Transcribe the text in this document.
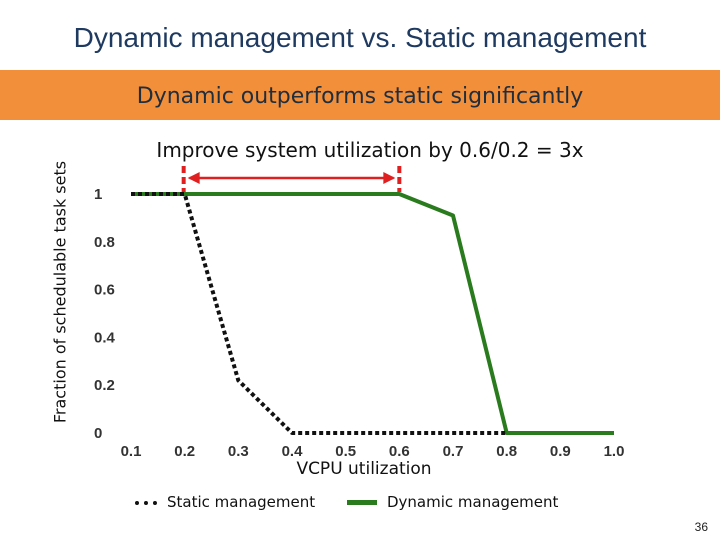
Dynamic management vs. Static management
Dynamic outperforms static significantly
Improve system utilization by 0.6/0.2 = 3x
Fraction of schedulable task sets
VCPU utilization
0
0.2
0.4
0.6
0.8
1
0.1 0.2 0.3 0.4 0.5 0.6 0.7 0.8 0.9 1.0
Static management	Dynamic management
36
